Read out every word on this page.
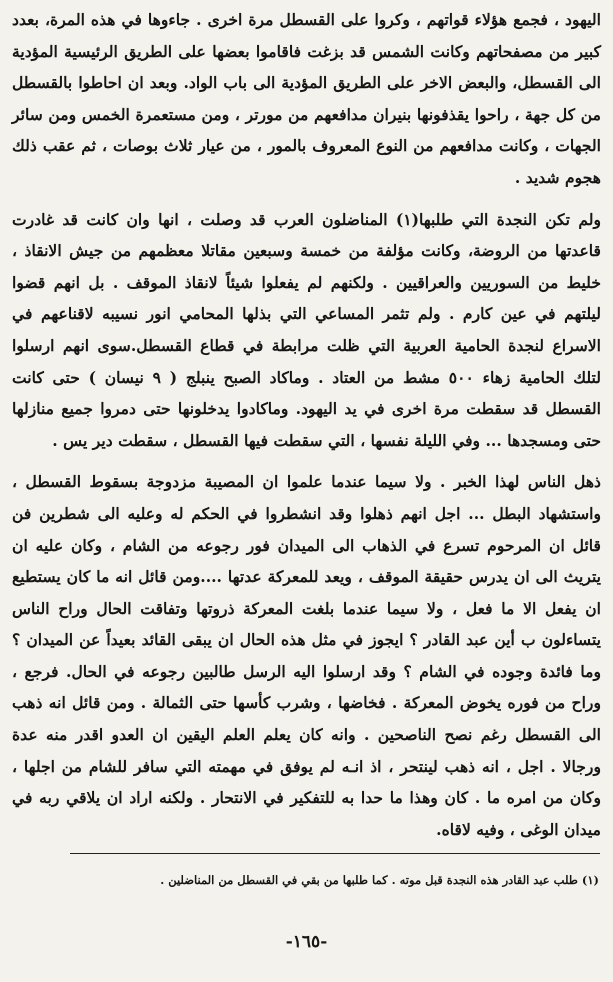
اليهود ، فجمع هؤلاء قواتهم ، وكروا على القسطل مرة اخرى . جاءوها في هذه المرة، بعدد كبير من مصفحاتهم وكانت الشمس قد بزغت فاقاموا بعضها على الطريق الرئيسية المؤدية الى القسطل، والبعض الاخر على الطريق المؤدية الى باب الواد. وبعد ان احاطوا بالقسطل من كل جهة ، راحوا يقذفونها بنيران مدافعهم من مورتر ، ومن مستعمرة الخمس ومن سائر الجهات ، وكانت مدافعهم من النوع المعروف بالمور ، من عيار ثلاث بوصات ، ثم عقب ذلك هجوم شديد .

ولم تكن النجدة التي طلبها(١) المناضلون العرب قد وصلت ، انها وان كانت قد غادرت قاعدتها من الروضة، وكانت مؤلفة من خمسة وسبعين مقاتلا معظمهم من جيش الانقاذ ، خليط من السوريين والعراقيين . ولكنهم لم يفعلوا شيئاً لانقاذ الموقف . بل انهم قضوا ليلتهم في عين كارم . ولم تثمر المساعي التي بذلها المحامي انور نسيبه لاقناعهم في الاسراع لنجدة الحامية العربية التي ظلت مرابطة في قطاع القسطل.سوى انهم ارسلوا لتلك الحامية زهاء ٥٠٠ مشط من العتاد . وماكاد الصبح ينبلج ( ٩ نيسان ) حتى كانت القسطل قد سقطت مرة اخرى في يد اليهود. وماكادوا يدخلونها حتى دمروا جميع منازلها حتى ومسجدها ... وفي الليلة نفسها ، التي سقطت فيها القسطل ، سقطت دير يس .

ذهل الناس لهذا الخبر . ولا سيما عندما علموا ان المصيبة مزدوجة بسقوط القسطل ، واستشهاد البطل ... اجل انهم ذهلوا وقد انشطروا في الحكم له وعليه الى شطرين فن قائل ان المرحوم تسرع في الذهاب الى الميدان فور رجوعه من الشام ، وكان عليه ان يتريث الى ان يدرس حقيقة الموقف ، ويعد للمعركة عدتها ....ومن قائل انه ما كان يستطيع ان يفعل الا ما فعل ، ولا سيما عندما بلغت المعركة ذروتها وتفاقت الحال وراح الناس يتساءلون ب أين عبد القادر ؟ ايجوز في مثل هذه الحال ان يبقى القائد بعيداً عن الميدان ؟ وما فائدة وجوده في الشام ؟ وقد ارسلوا اليه الرسل طالبين رجوعه في الحال. فرجع ، وراح من فوره يخوض المعركة . فخاضها ، وشرب كأسها حتى الثمالة . ومن قائل انه ذهب الى القسطل رغم نصح الناصحين . وانه كان يعلم العلم اليقين ان العدو اقدر منه عدة ورجالا . اجل ، انه ذهب لينتحر ، اذ انـه لم يوفق في مهمته التي سافر للشام من اجلها ، وكان من امره ما . كان وهذا ما حدا به للتفكير في الانتحار . ولكنه اراد ان يلاقي ربه في ميدان الوغى ، وفيه لاقاه.

(١) طلب عبد القادر هذه النجدة قبل موته . كما طلبها من بقي في القسطل من المناضلين .

-١٦٥-
